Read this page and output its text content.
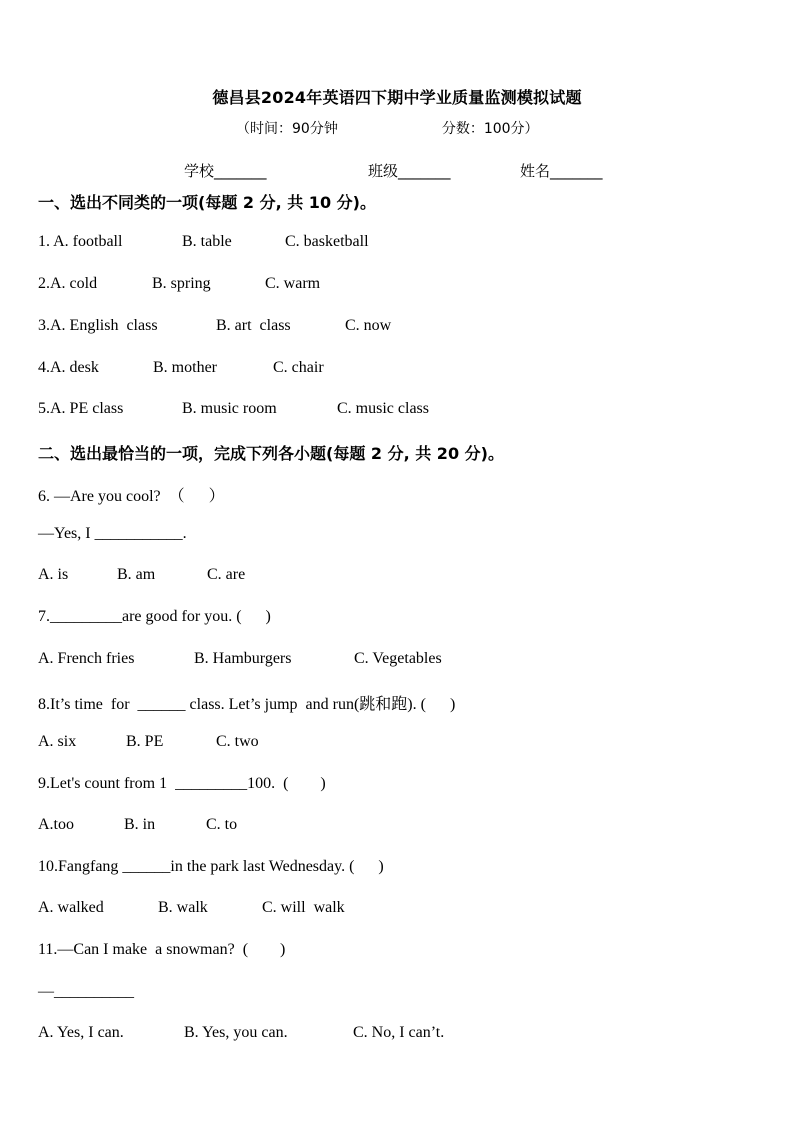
德昌县2024年英语四下期中学业质量监测模拟试题
（时间：90分钟	分数：100分）
学校_______	班级_______	姓名_______
一、选出不同类的一项(每题 2 分, 共 10 分)。
1. A. football	B. table	C. basketball
2.A. cold	B. spring	C. warm
3.A. English  class	B. art  class	C. now
4.A. desk	B. mother	C. chair
5.A. PE class	B. music room	C. music class
二、选出最恰当的一项，完成下列各小题(每题 2 分, 共 20 分)。
6. —Are you cool?  （      ）
—Yes, I ___________.
A. is	B. am	C. are
7._________are good for you. (      )
A. French fries	B. Hamburgers	C. Vegetables
8.It’s time  for  ______ class. Let’s jump  and run(跳和跑). (      )
A. six	B. PE	C. two
9.Let's count from 1  _________100.  (        )
A.too	B. in	C. to
10.Fangfang ______in the park last Wednesday. (      )
A. walked	B. walk	C. will  walk
11.—Can I make  a snowman?  (        )
—__________
A. Yes, I can.	B. Yes, you can.	C. No, I can’t.
